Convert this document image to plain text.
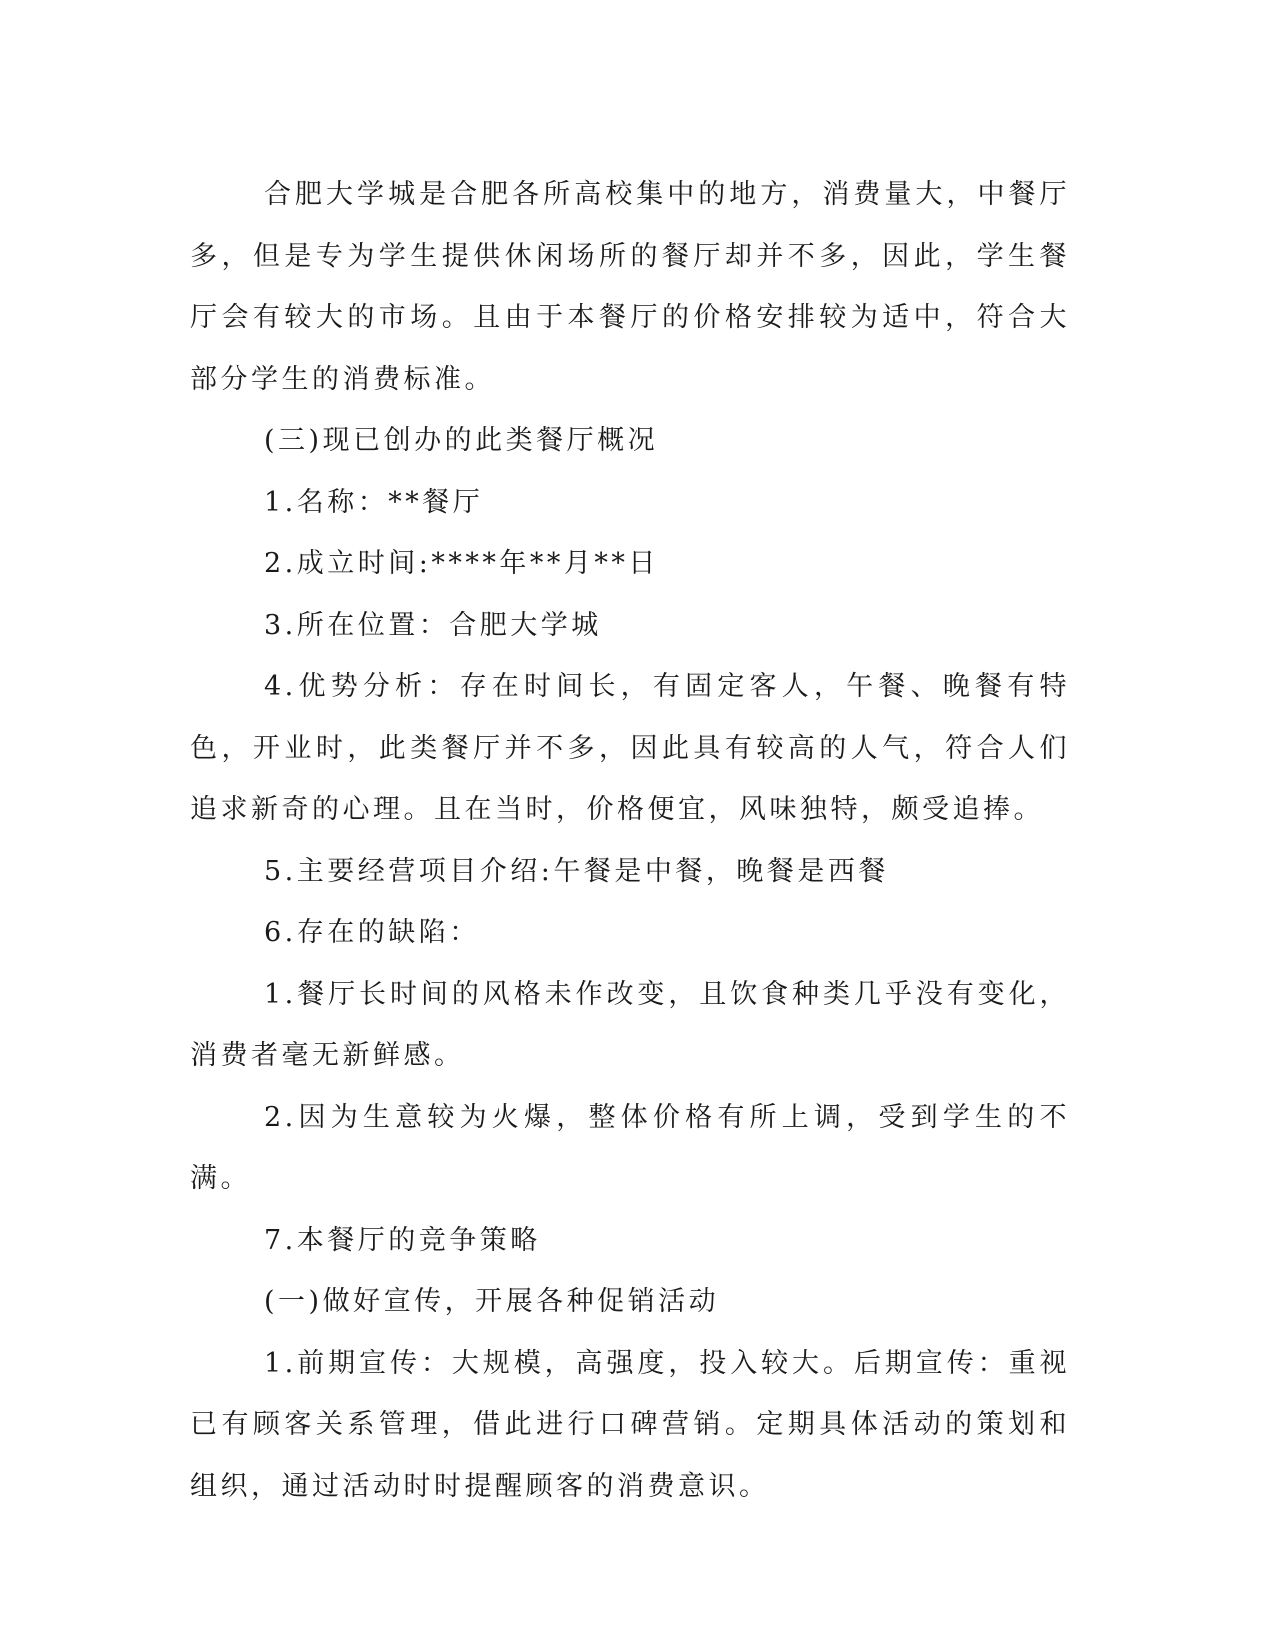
合肥大学城是合肥各所高校集中的地方，消费量大，中餐厅多，但是专为学生提供休闲场所的餐厅却并不多，因此，学生餐厅会有较大的市场。且由于本餐厅的价格安排较为适中，符合大部分学生的消费标准。

(三)现已创办的此类餐厅概况

1.名称：**餐厅

2.成立时间:****年**月**日

3.所在位置：合肥大学城

4.优势分析：存在时间长，有固定客人，午餐、晚餐有特色，开业时，此类餐厅并不多，因此具有较高的人气，符合人们追求新奇的心理。且在当时，价格便宜，风味独特，颇受追捧。

5.主要经营项目介绍:午餐是中餐，晚餐是西餐

6.存在的缺陷：

1.餐厅长时间的风格未作改变，且饮食种类几乎没有变化，消费者毫无新鲜感。

2.因为生意较为火爆，整体价格有所上调，受到学生的不满。

7.本餐厅的竞争策略

(一)做好宣传，开展各种促销活动

1.前期宣传：大规模，高强度，投入较大。后期宣传：重视已有顾客关系管理，借此进行口碑营销。定期具体活动的策划和组织，通过活动时时提醒顾客的消费意识。
